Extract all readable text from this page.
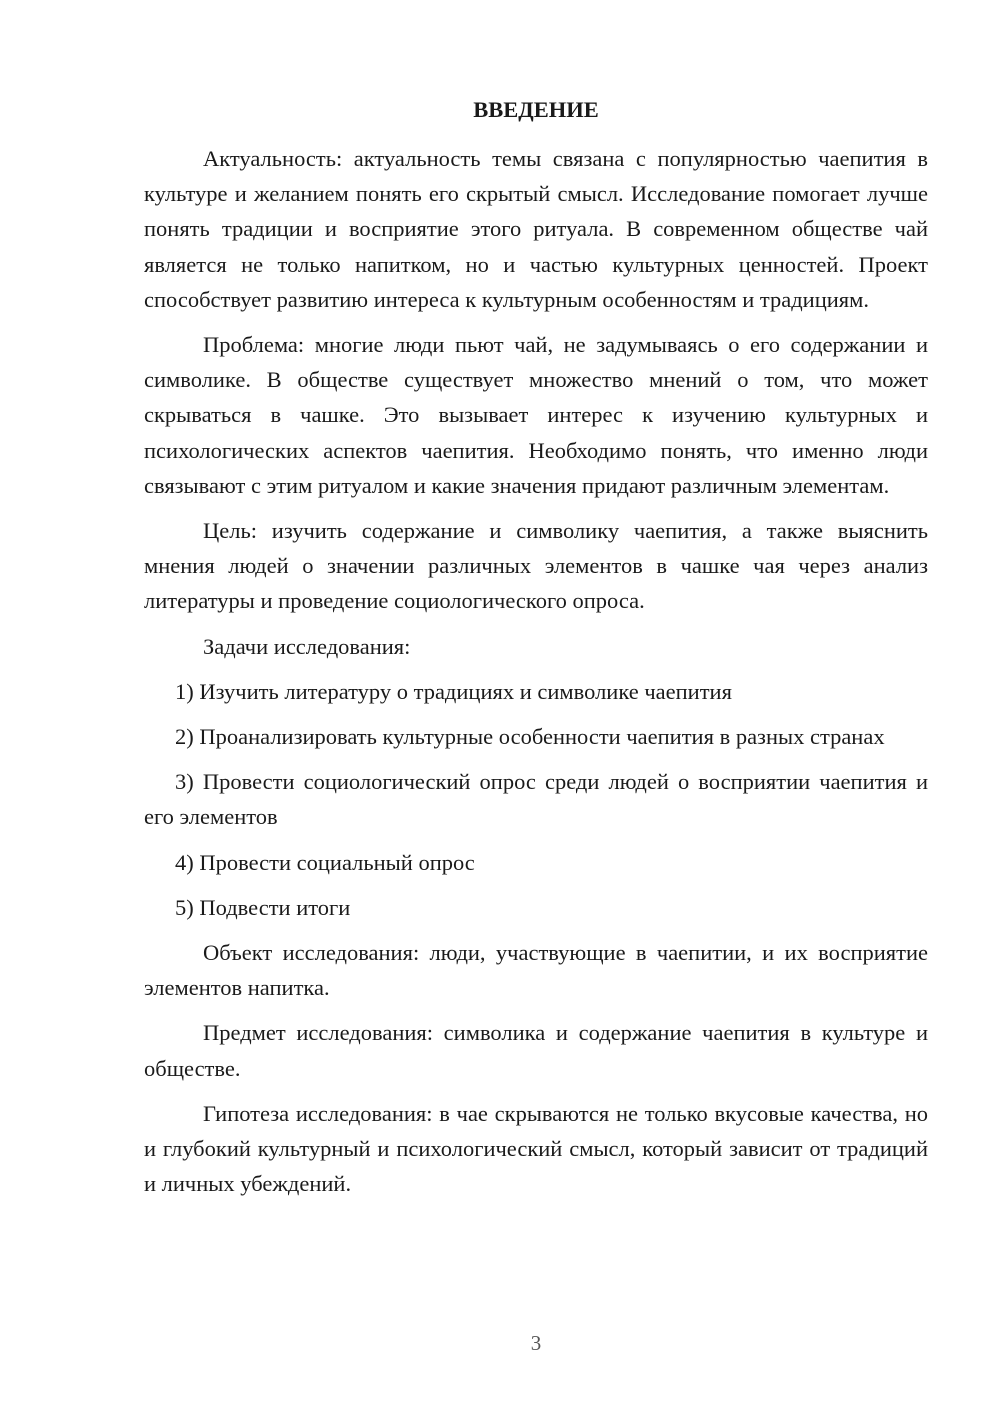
ВВЕДЕНИЕ

Актуальность: актуальность темы связана с популярностью чаепития в культуре и желанием понять его скрытый смысл. Исследование помогает лучше понять традиции и восприятие этого ритуала. В современном обществе чай является не только напитком, но и частью культурных ценностей. Проект способствует развитию интереса к культурным особенностям и традициям.

Проблема: многие люди пьют чай, не задумываясь о его содержании и символике. В обществе существует множество мнений о том, что может скрываться в чашке. Это вызывает интерес к изучению культурных и психологических аспектов чаепития. Необходимо понять, что именно люди связывают с этим ритуалом и какие значения придают различным элементам.

Цель: изучить содержание и символику чаепития, а также выяснить мнения людей о значении различных элементов в чашке чая через анализ литературы и проведение социологического опроса.

Задачи исследования:

1) Изучить литературу о традициях и символике чаепития

2) Проанализировать культурные особенности чаепития в разных странах

3) Провести социологический опрос среди людей о восприятии чаепития и его элементов

4) Провести социальный опрос

5) Подвести итоги

Объект исследования: люди, участвующие в чаепитии, и их восприятие элементов напитка.

Предмет исследования: символика и содержание чаепития в культуре и обществе.

Гипотеза исследования: в чае скрываются не только вкусовые качества, но и глубокий культурный и психологический смысл, который зависит от традиций и личных убеждений.

3
